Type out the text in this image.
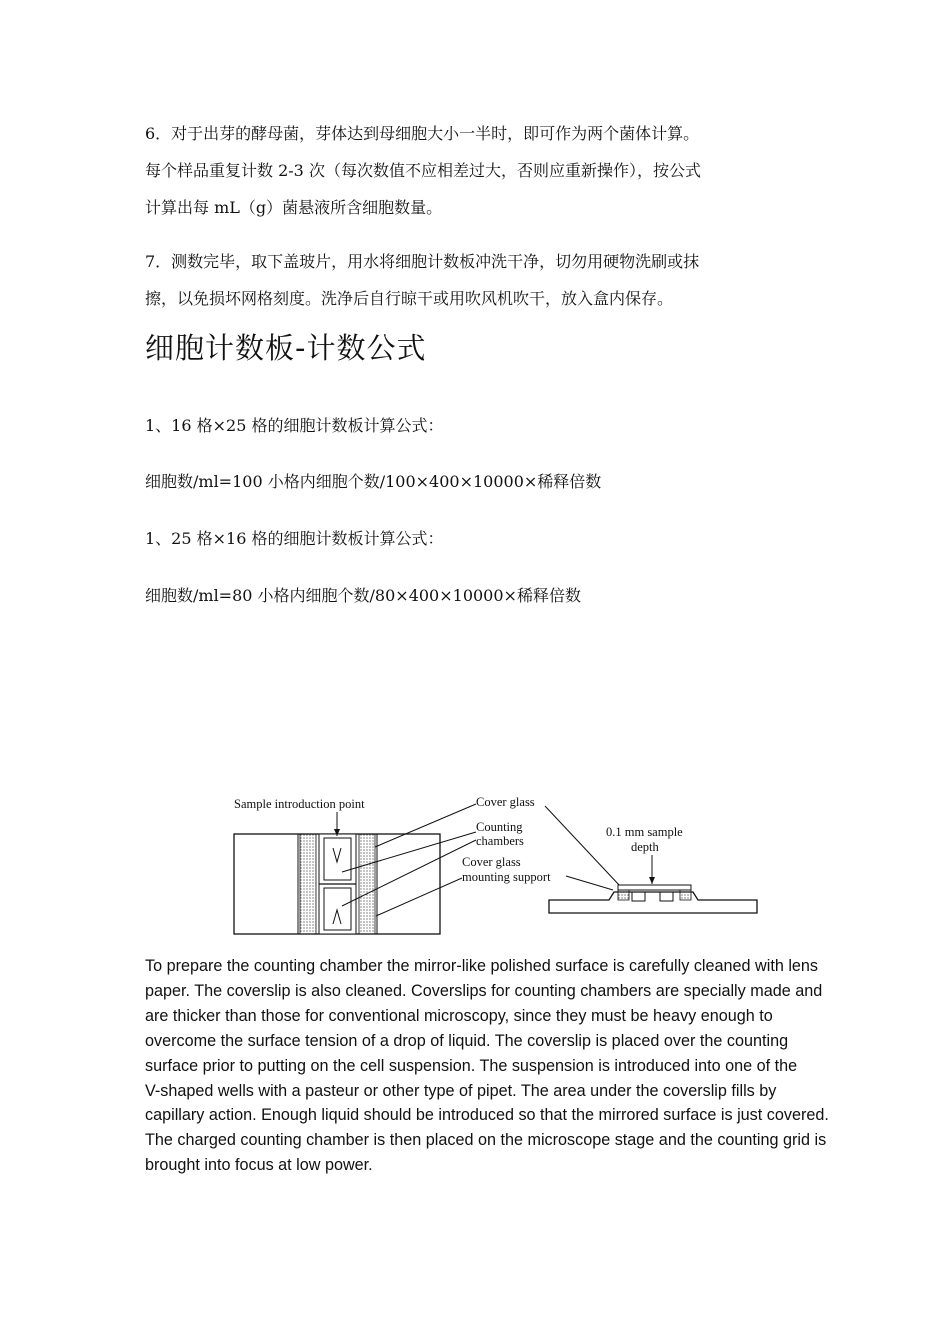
6．对于出芽的酵母菌，芽体达到母细胞大小一半时，即可作为两个菌体计算。
每个样品重复计数 2-3 次（每次数值不应相差过大，否则应重新操作），按公式
计算出每 mL（g）菌悬液所含细胞数量。

7．测数完毕，取下盖玻片，用水将细胞计数板冲洗干净，切勿用硬物洗刷或抹
擦，以免损坏网格刻度。洗净后自行晾干或用吹风机吹干，放入盒内保存。

细胞计数板-计数公式

1、16 格×25 格的细胞计数板计算公式：

细胞数/ml=100 小格内细胞个数/100×400×10000×稀释倍数

1、25 格×16 格的细胞计数板计算公式：

细胞数/ml=80 小格内细胞个数/80×400×10000×稀释倍数

Sample introduction point	Cover glass
Counting
chambers
Cover glass
mounting support
0.1 mm sample
depth

To prepare the counting chamber the mirror-like polished surface is carefully cleaned with lens
paper. The coverslip is also cleaned. Coverslips for counting chambers are specially made and
are thicker than those for conventional microscopy, since they must be heavy enough to
overcome the surface tension of a drop of liquid. The coverslip is placed over the counting
surface prior to putting on the cell suspension. The suspension is introduced into one of the
V-shaped wells with a pasteur or other type of pipet. The area under the coverslip fills by
capillary action. Enough liquid should be introduced so that the mirrored surface is just covered.
The charged counting chamber is then placed on the microscope stage and the counting grid is
brought into focus at low power.
